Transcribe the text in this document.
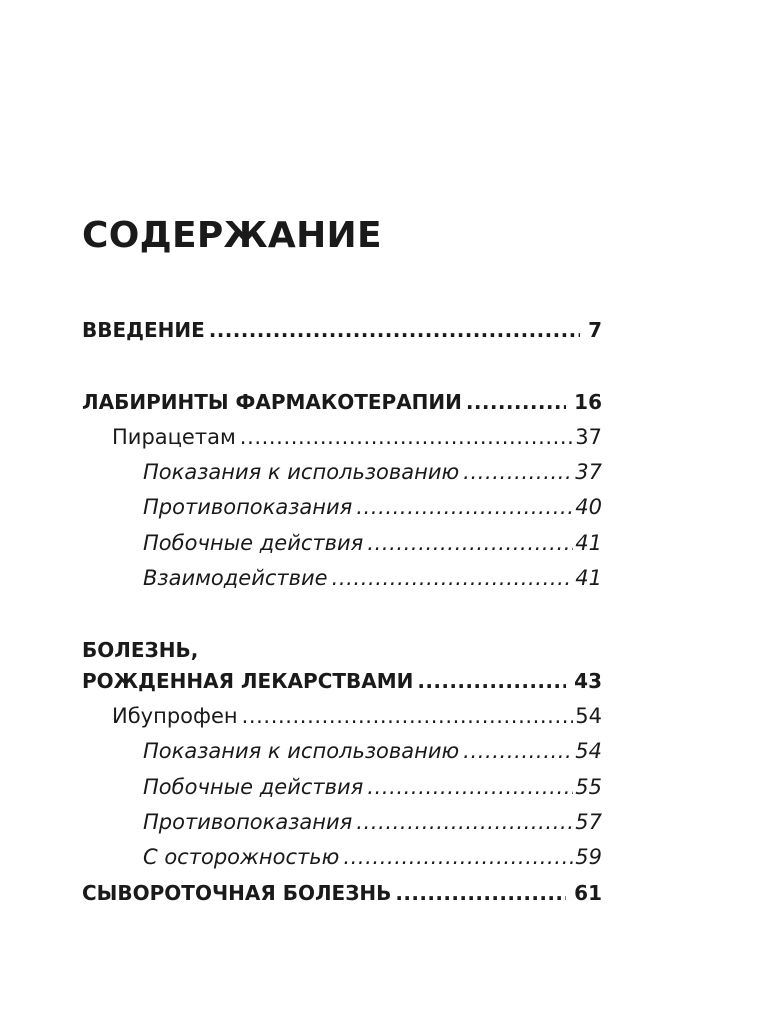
СОДЕРЖАНИЕ
ВВЕДЕНИЕ .....	7
ЛАБИРИНТЫ ФАРМАКОТЕРАПИИ .....	16
Пирацетам .....	37
Показания к использованию .....	37
Противопоказания .....	40
Побочные действия .....	41
Взаимодействие .....	41
БОЛЕЗНЬ,
РОЖДЕННАЯ ЛЕКАРСТВАМИ .....	43
Ибупрофен .....	54
Показания к использованию .....	54
Побочные действия .....	55
Противопоказания .....	57
С осторожностью .....	59
СЫВОРОТОЧНАЯ БОЛЕЗНЬ .....	61
